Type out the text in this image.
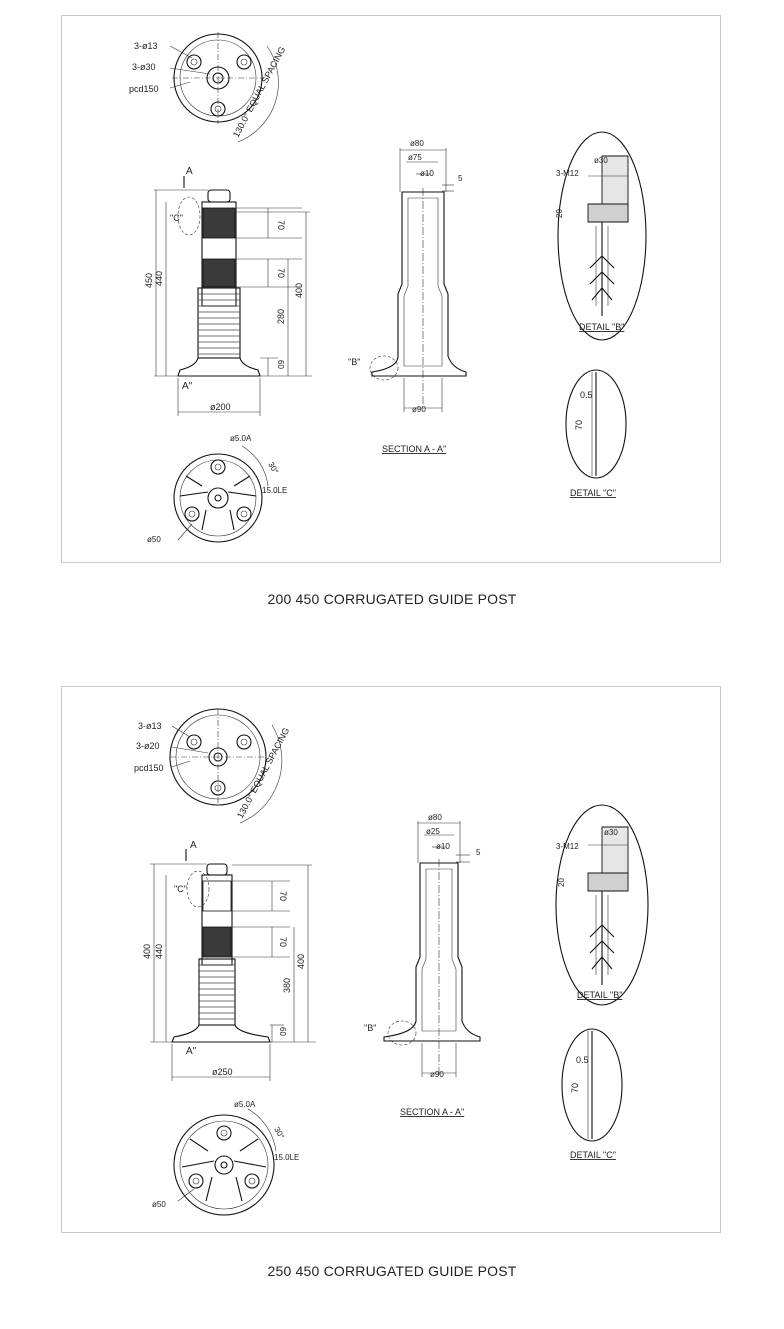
3-ø13
3-ø30
pcd150	130.0° EQUAL SPACING
A
"C"
A"
450 440
70
70
400
280
60
ø200
ø5.0A
30°
15.0LE
ø50
ø80
ø75
ø10
5
"B"
ø90
SECTION A - A"
ø30
3-M12
20
DETAIL "B"
0.5
70
DETAIL "C"
200 450 CORRUGATED GUIDE POST
3-ø13
3-ø20
pcd150	130.0° EQUAL SPACING
A
"C"
A"
400 440
70
70
400
380
60
ø250
ø5.0A
30°
15.0LE
ø50
ø80
ø25
ø10
5
"B"
ø90
SECTION A - A"
ø30
3-M12
20
DETAIL "B"
0.5
70
DETAIL "C"
250 450 CORRUGATED GUIDE POST
